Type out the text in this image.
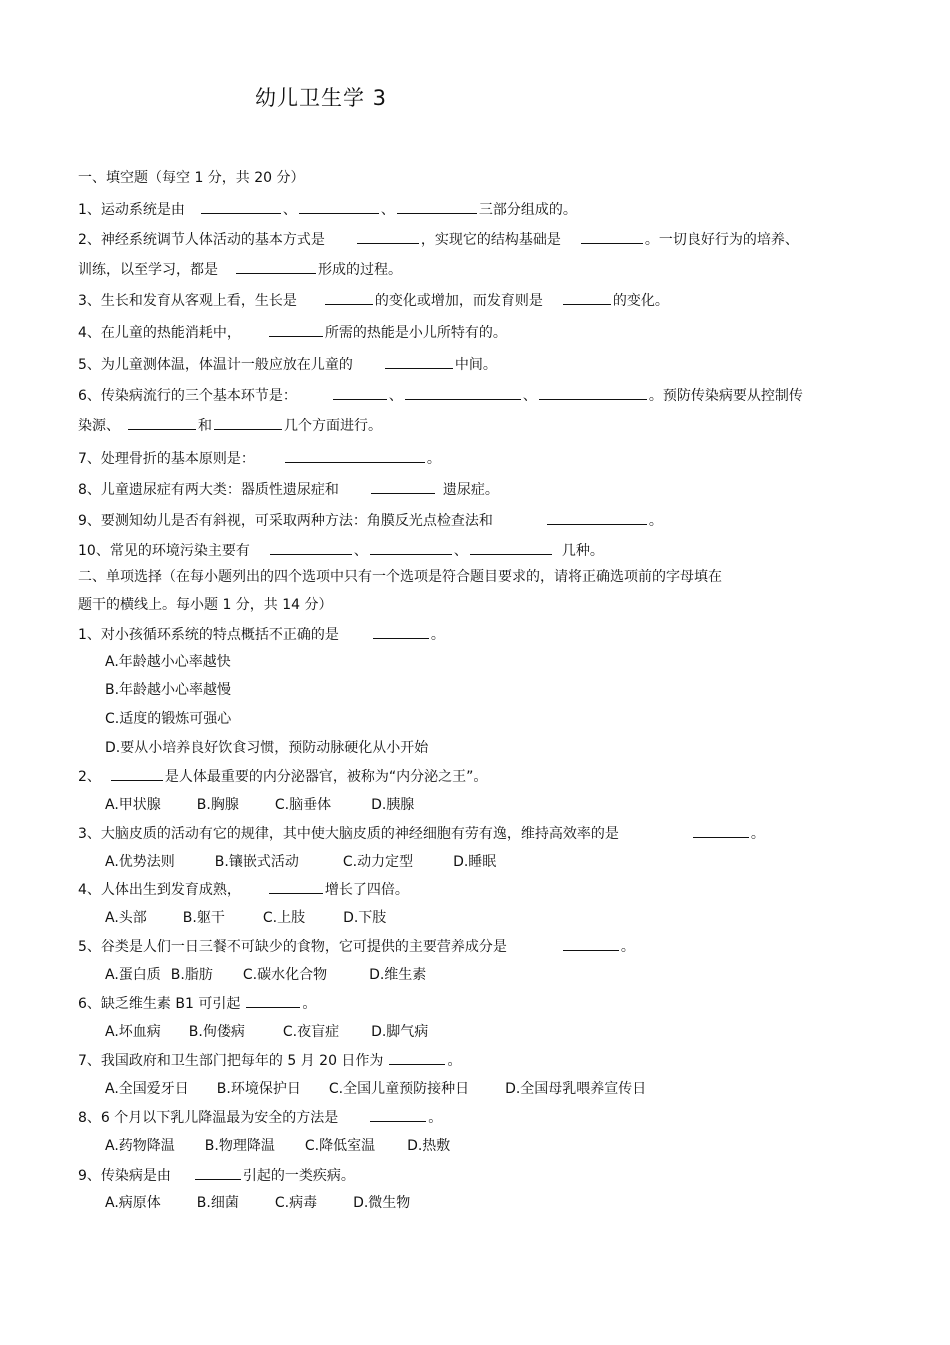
幼儿卫生学 3
一、填空题（每空 1 分，共 20 分）
1、运动系统是由	、	、	三部分组成的。
2、神经系统调节人体活动的基本方式是	，实现它的结构基础是	。一切良好行为的培养、
训练，以至学习，都是	形成的过程。
3、生长和发育从客观上看，生长是	的变化或增加，而发育则是	的变化。
4、在儿童的热能消耗中，	所需的热能是小儿所特有的。
5、为儿童测体温，体温计一般应放在儿童的	中间。
6、传染病流行的三个基本环节是：	、	、	。预防传染病要从控制传
染源、	和	几个方面进行。
7、处理骨折的基本原则是：	。
8、儿童遗尿症有两大类：器质性遗尿症和	遗尿症。
9、要测知幼儿是否有斜视，可采取两种方法：角膜反光点检查法和	。
10、常见的环境污染主要有	、	、	几种。
二、单项选择（在每小题列出的四个选项中只有一个选项是符合题目要求的，请将正确选项前的字母填在
题干的横线上。每小题 1 分，共 14 分）
1、对小孩循环系统的特点概括不正确的是	。
A.年龄越小心率越快
B.年龄越小心率越慢
C.适度的锻炼可强心
D.要从小培养良好饮食习惯，预防动脉硬化从小开始
2、	是人体最重要的内分泌器官，被称为“内分泌之王”。
A.甲状腺	B.胸腺	C.脑垂体	D.胰腺
3、大脑皮质的活动有它的规律，其中使大脑皮质的神经细胞有劳有逸，维持高效率的是	。
A.优势法则	B.镶嵌式活动	C.动力定型	D.睡眠
4、人体出生到发育成熟，	增长了四倍。
A.头部	B.躯干	C.上肢	D.下肢
5、谷类是人们一日三餐不可缺少的食物，它可提供的主要营养成分是	。
A.蛋白质 B.脂肪 C.碳水化合物	D.维生素
6、缺乏维生素 B1 可引起	。
A.坏血病 B.佝偻病	C.夜盲症 D.脚气病
7、我国政府和卫生部门把每年的 5 月 20 日作为	。
A.全国爱牙日 B.环境保护日 C.全国儿童预防接种日	D.全国母乳喂养宣传日
8、6 个月以下乳儿降温最为安全的方法是	。
A.药物降温 B.物理降温 C.降低室温 D.热敷
9、传染病是由	引起的一类疾病。
A.病原体	B.细菌	C.病毒	D.微生物
